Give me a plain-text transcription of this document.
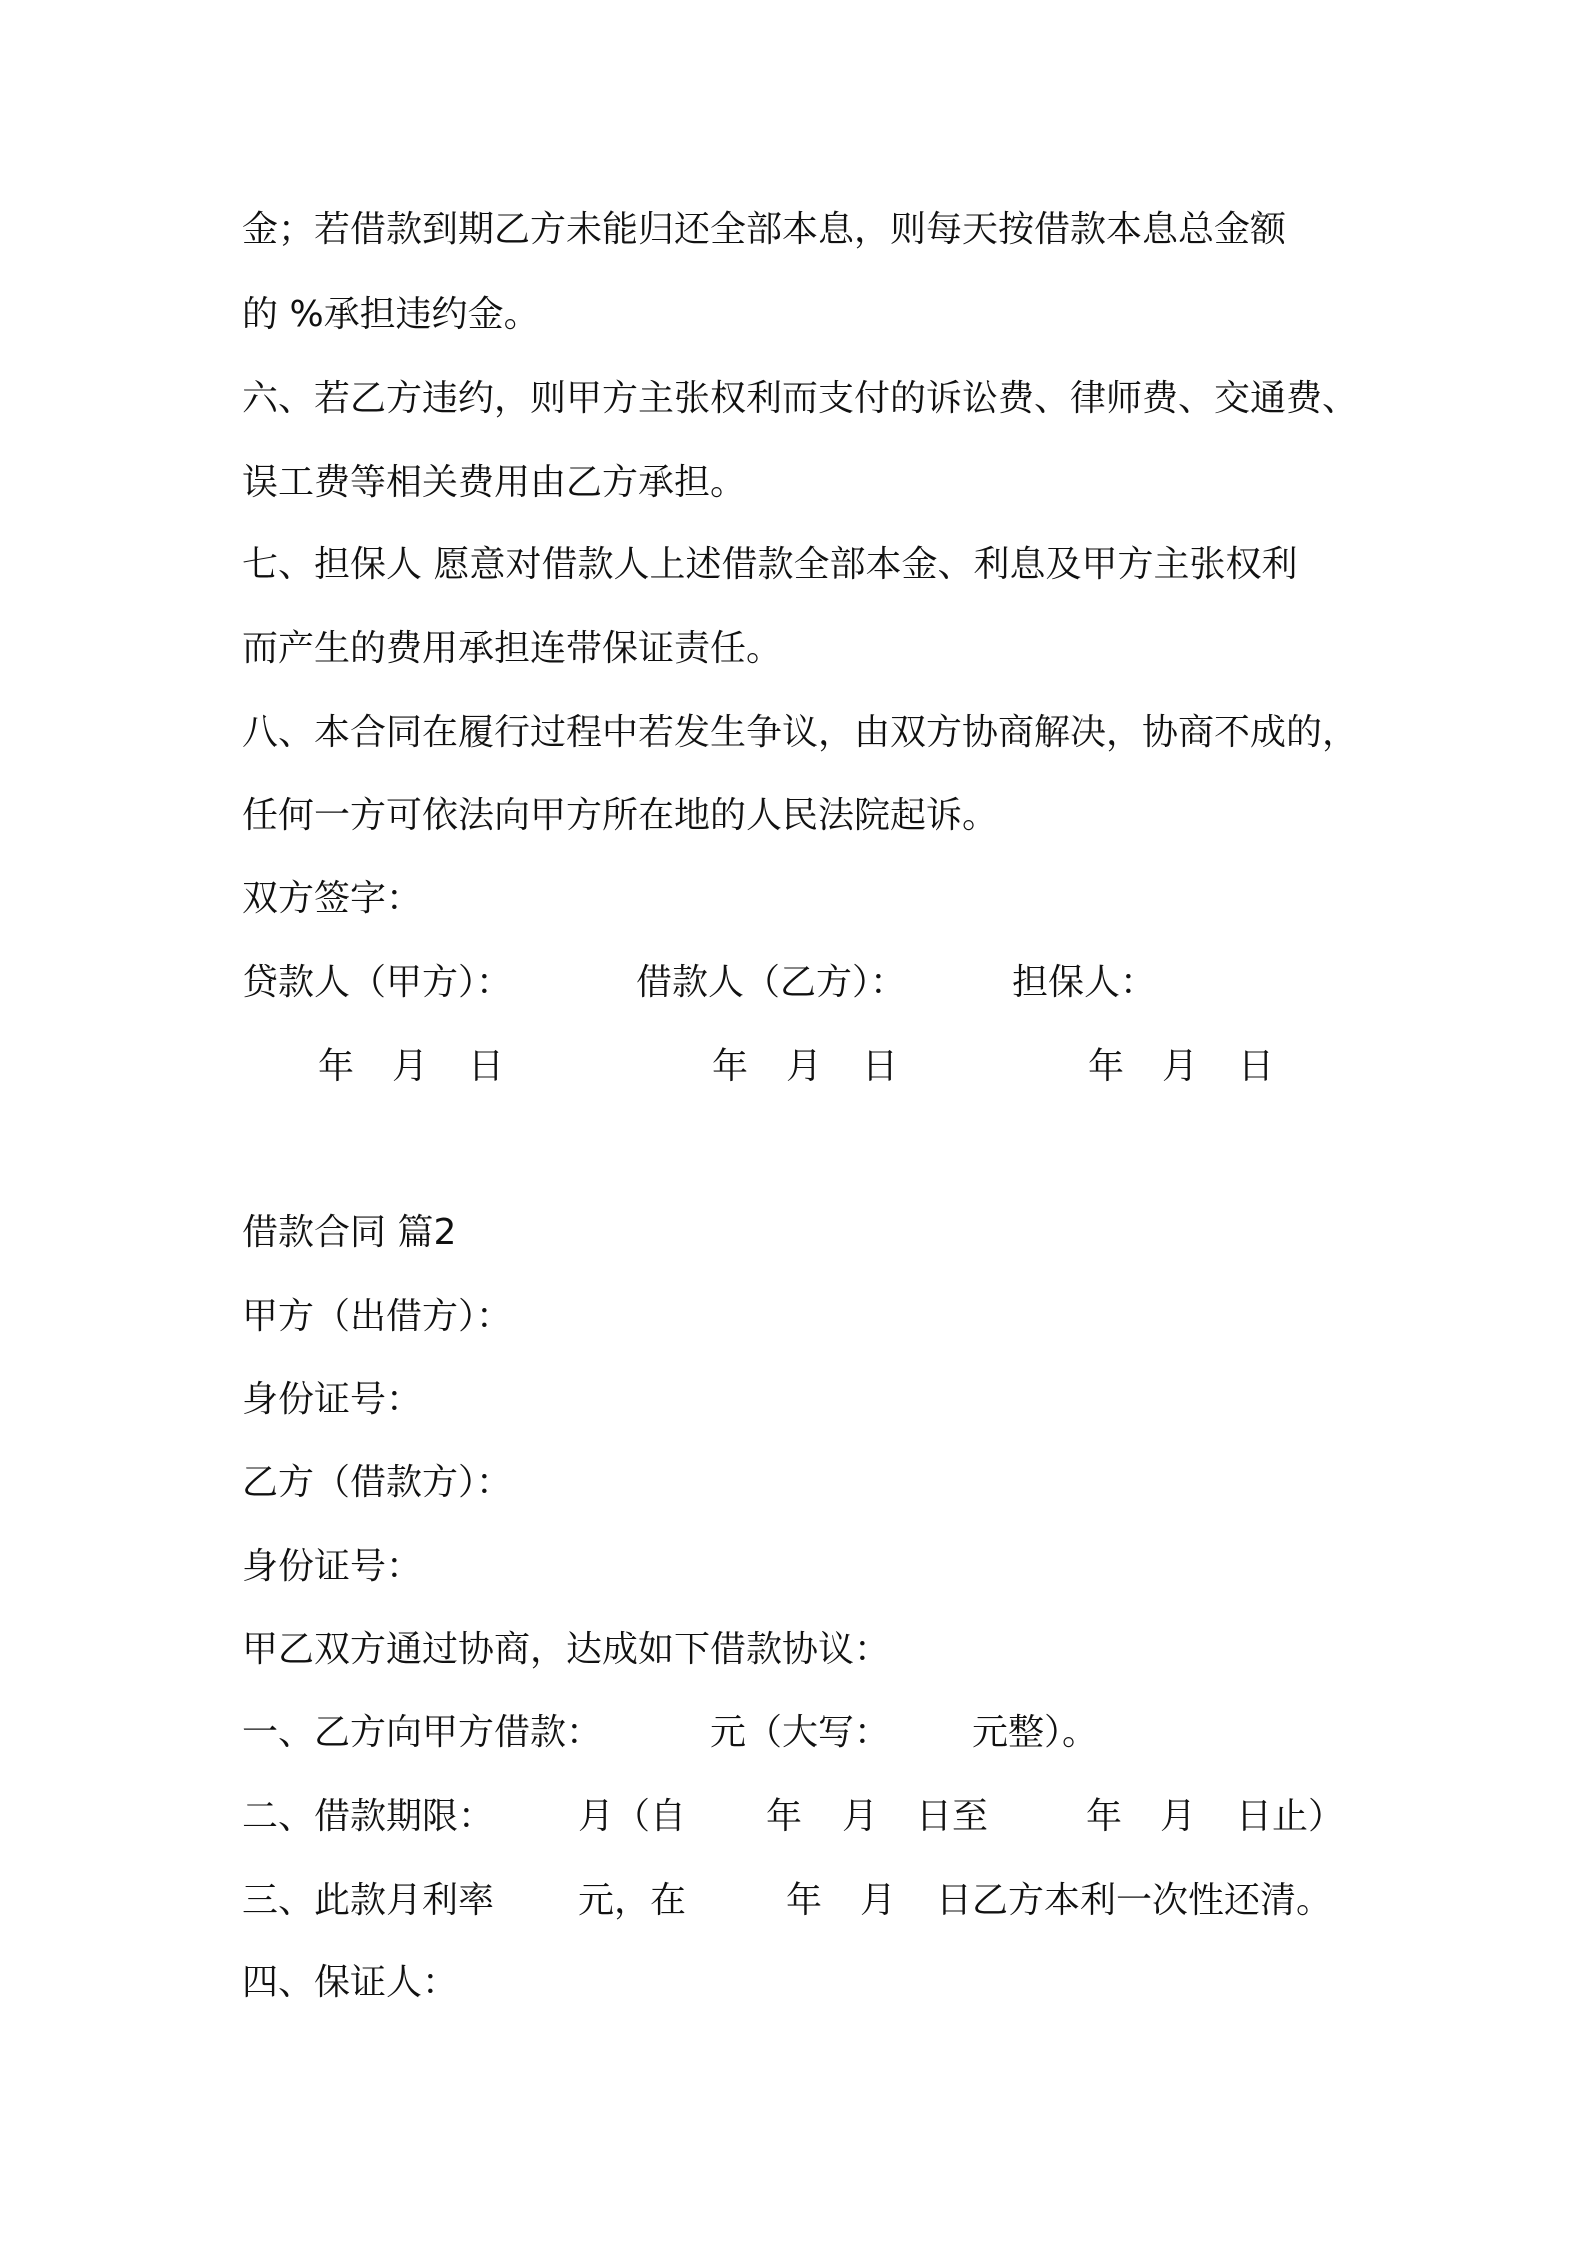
金；若借款到期乙方未能归还全部本息，则每天按借款本息总金额
的 %承担违约金。
六、若乙方违约，则甲方主张权利而支付的诉讼费、律师费、交通费、
误工费等相关费用由乙方承担。
七、担保人 愿意对借款人上述借款全部本金、利息及甲方主张权利
而产生的费用承担连带保证责任。
八、本合同在履行过程中若发生争议，由双方协商解决，协商不成的，
任何一方可依法向甲方所在地的人民法院起诉。
双方签字：
贷款人（甲方）：	借款人（乙方）：	担保人：
年 月 日	年 月 日	年 月 日
借款合同 篇2
甲方（出借方）：
身份证号：
乙方（借款方）：
身份证号：
甲乙双方通过协商，达成如下借款协议：
一、乙方向甲方借款：	元（大写： 元整）。
二、借款期限： 月（自 年 月 日至	年 月 日止）
三、此款月利率 元，在	年 月 日乙方本利一次性还清。
四、保证人：
